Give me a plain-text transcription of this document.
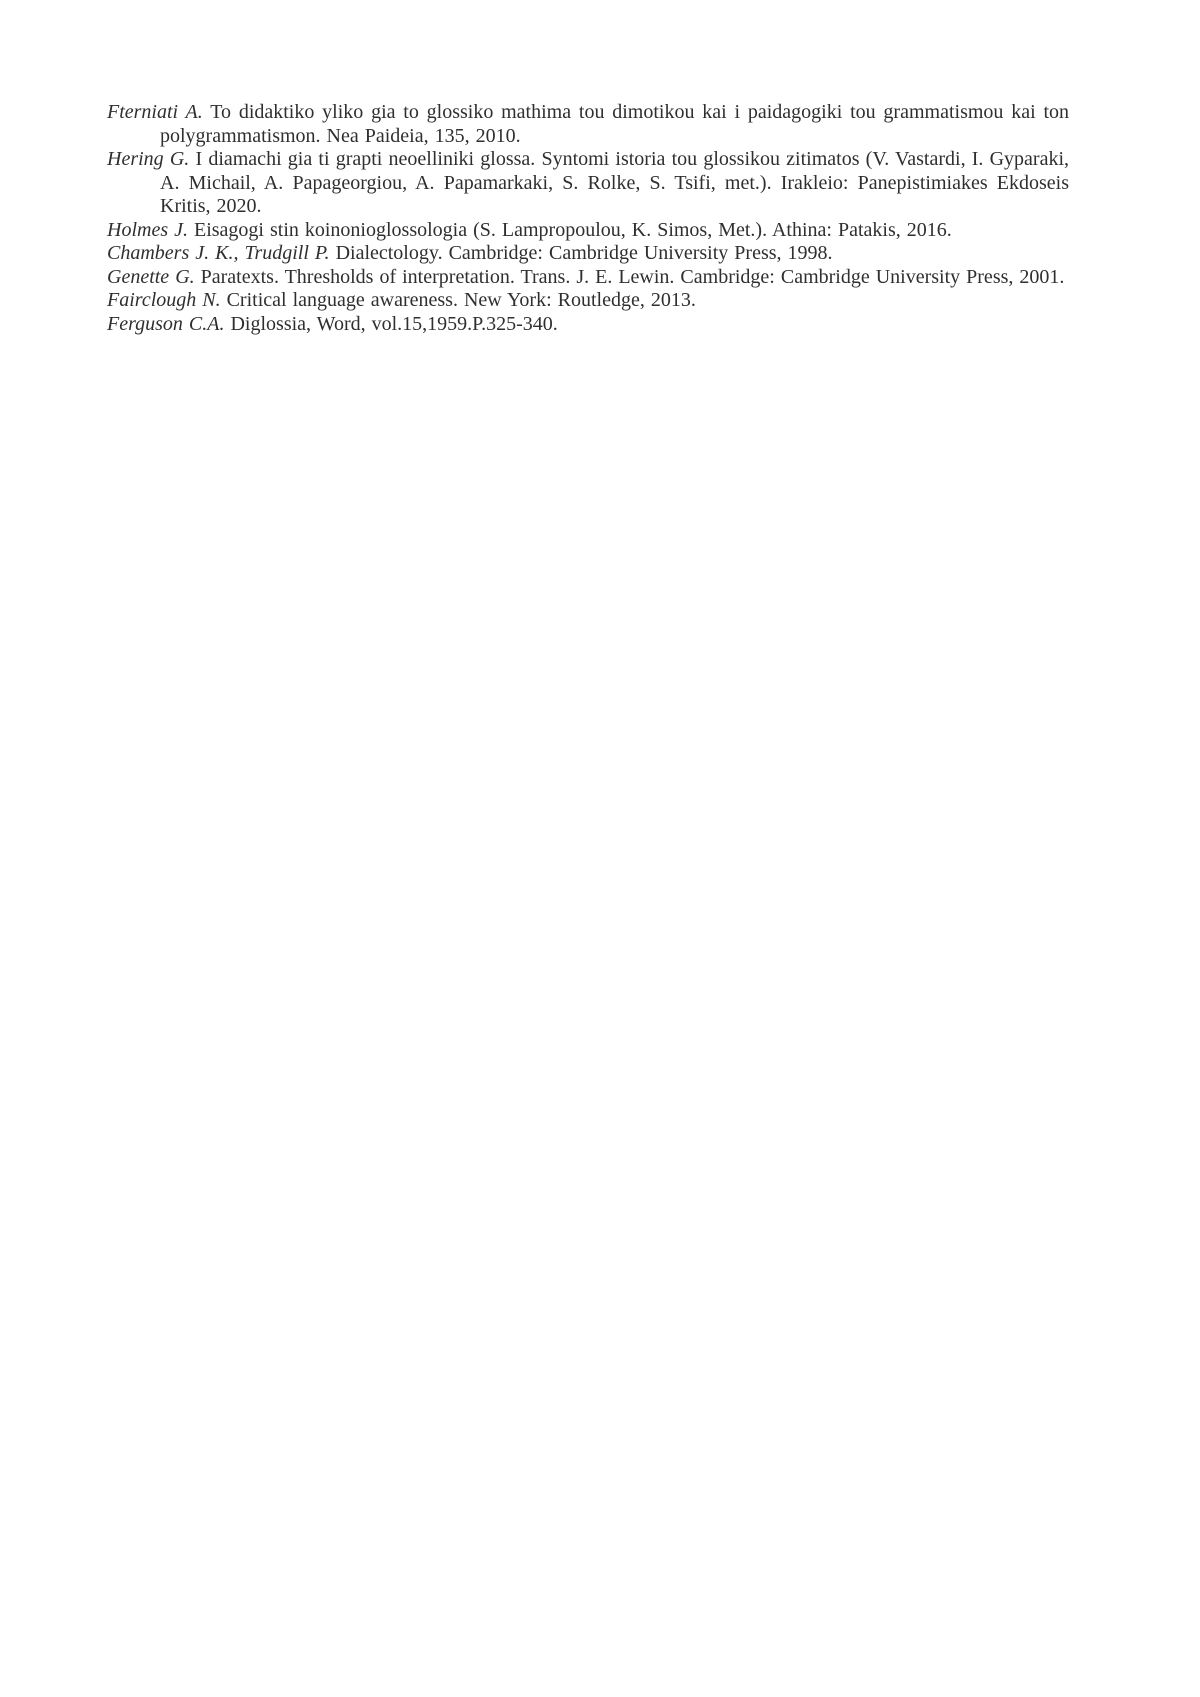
Fterniati A. To didaktiko yliko gia to glossiko mathima tou dimotikou kai i paidagogiki tou grammatismou kai ton polygrammatismon. Nea Paideia, 135, 2010.

Hering G. I diamachi gia ti grapti neoelliniki glossa. Syntomi istoria tou glossikou zitimatos (V. Vastardi, I. Gyparaki, A. Michail, A. Papageorgiou, A. Papamarkaki, S. Rolke, S. Tsifi, met.). Irakleio: Panepistimiakes Ekdoseis Kritis, 2020.

Holmes J. Eisagogi stin koinonioglossologia (S. Lampropoulou, K. Simos, Met.). Athina: Patakis, 2016.

Chambers J. K., Trudgill P. Dialectology. Cambridge: Cambridge University Press, 1998.

Genette G. Paratexts. Thresholds of interpretation. Trans. J. E. Lewin. Cambridge: Cambridge University Press, 2001.

Fairclough N. Critical language awareness. New York: Routledge, 2013.

Ferguson C.A. Diglossia, Word, vol.15,1959.P.325-340.
